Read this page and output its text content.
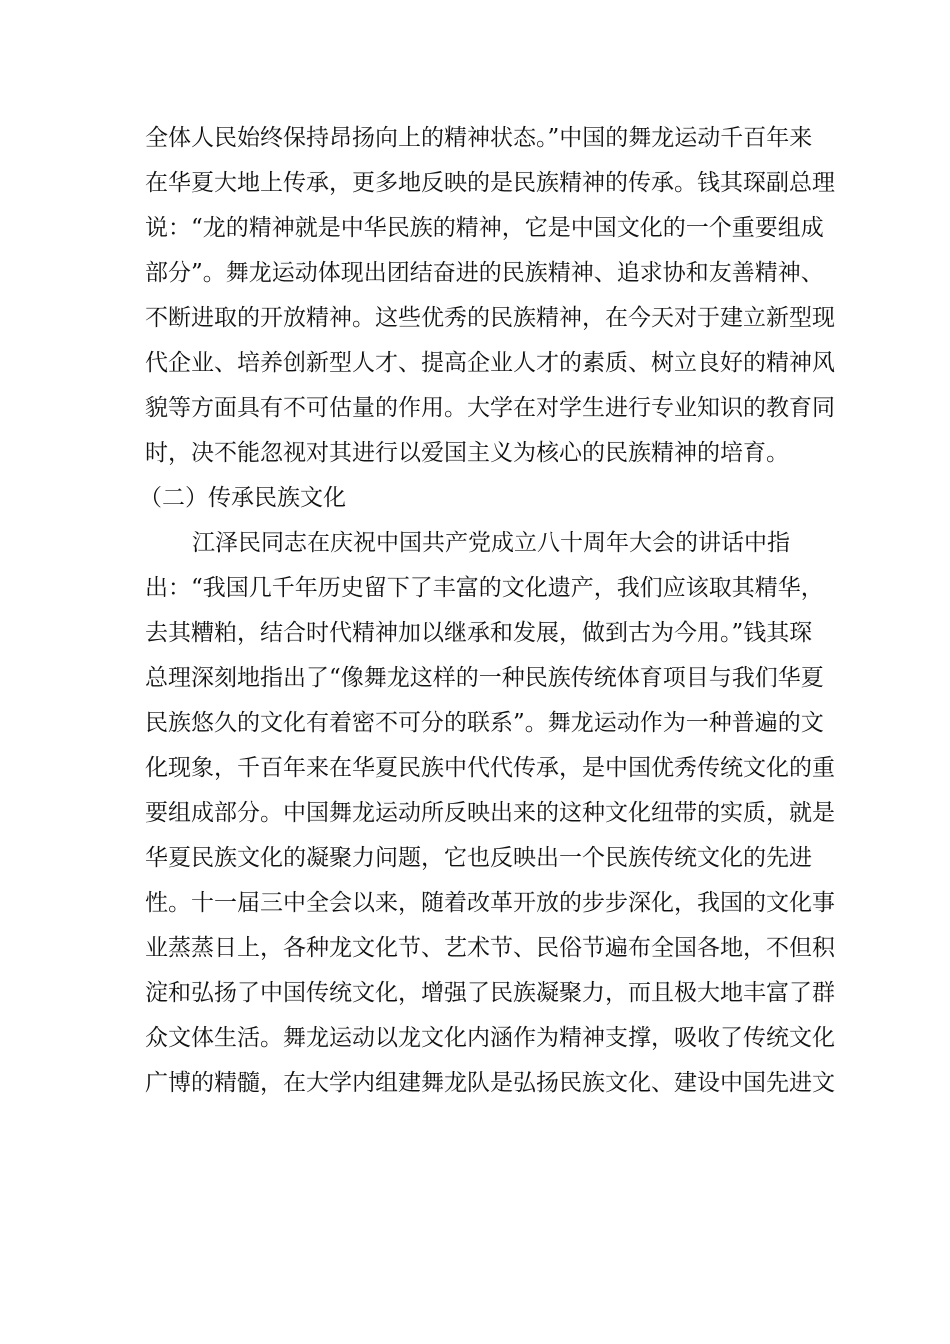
全体人民始终保持昂扬向上的精神状态。”中国的舞龙运动千百年来
在华夏大地上传承，更多地反映的是民族精神的传承。钱其琛副总理
说：“龙的精神就是中华民族的精神，它是中国文化的一个重要组成
部分”。舞龙运动体现出团结奋进的民族精神、追求协和友善精神、
不断进取的开放精神。这些优秀的民族精神，在今天对于建立新型现
代企业、培养创新型人才、提高企业人才的素质、树立良好的精神风
貌等方面具有不可估量的作用。大学在对学生进行专业知识的教育同
时，决不能忽视对其进行以爱国主义为核心的民族精神的培育。
（二）传承民族文化
江泽民同志在庆祝中国共产党成立八十周年大会的讲话中指
出：“我国几千年历史留下了丰富的文化遗产，我们应该取其精华，
去其糟粕，结合时代精神加以继承和发展，做到古为今用。”钱其琛
总理深刻地指出了“像舞龙这样的一种民族传统体育项目与我们华夏
民族悠久的文化有着密不可分的联系”。舞龙运动作为一种普遍的文
化现象，千百年来在华夏民族中代代传承，是中国优秀传统文化的重
要组成部分。中国舞龙运动所反映出来的这种文化纽带的实质，就是
华夏民族文化的凝聚力问题，它也反映出一个民族传统文化的先进
性。十一届三中全会以来，随着改革开放的步步深化，我国的文化事
业蒸蒸日上，各种龙文化节、艺术节、民俗节遍布全国各地，不但积
淀和弘扬了中国传统文化，增强了民族凝聚力，而且极大地丰富了群
众文体生活。舞龙运动以龙文化内涵作为精神支撑，吸收了传统文化
广博的精髓，在大学内组建舞龙队是弘扬民族文化、建设中国先进文
